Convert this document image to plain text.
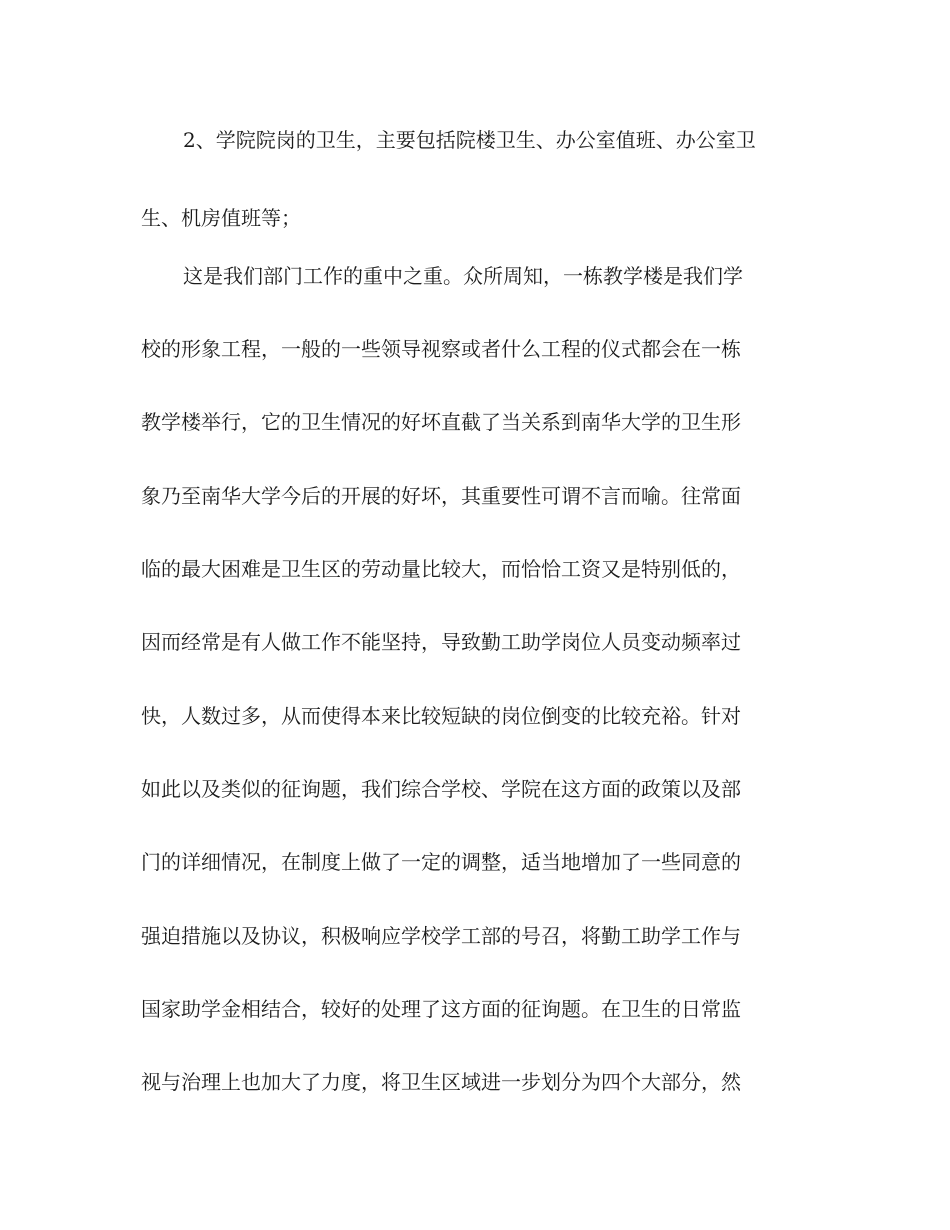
2、学院院岗的卫生，主要包括院楼卫生、办公室值班、办公室卫
生、机房值班等；
这是我们部门工作的重中之重。众所周知，一栋教学楼是我们学
校的形象工程，一般的一些领导视察或者什么工程的仪式都会在一栋
教学楼举行，它的卫生情况的好坏直截了当关系到南华大学的卫生形
象乃至南华大学今后的开展的好坏，其重要性可谓不言而喻。往常面
临的最大困难是卫生区的劳动量比较大，而恰恰工资又是特别低的，
因而经常是有人做工作不能坚持，导致勤工助学岗位人员变动频率过
快，人数过多，从而使得本来比较短缺的岗位倒变的比较充裕。针对
如此以及类似的征询题，我们综合学校、学院在这方面的政策以及部
门的详细情况，在制度上做了一定的调整，适当地增加了一些同意的
强迫措施以及协议，积极响应学校学工部的号召，将勤工助学工作与
国家助学金相结合，较好的处理了这方面的征询题。在卫生的日常监
视与治理上也加大了力度，将卫生区域进一步划分为四个大部分，然
